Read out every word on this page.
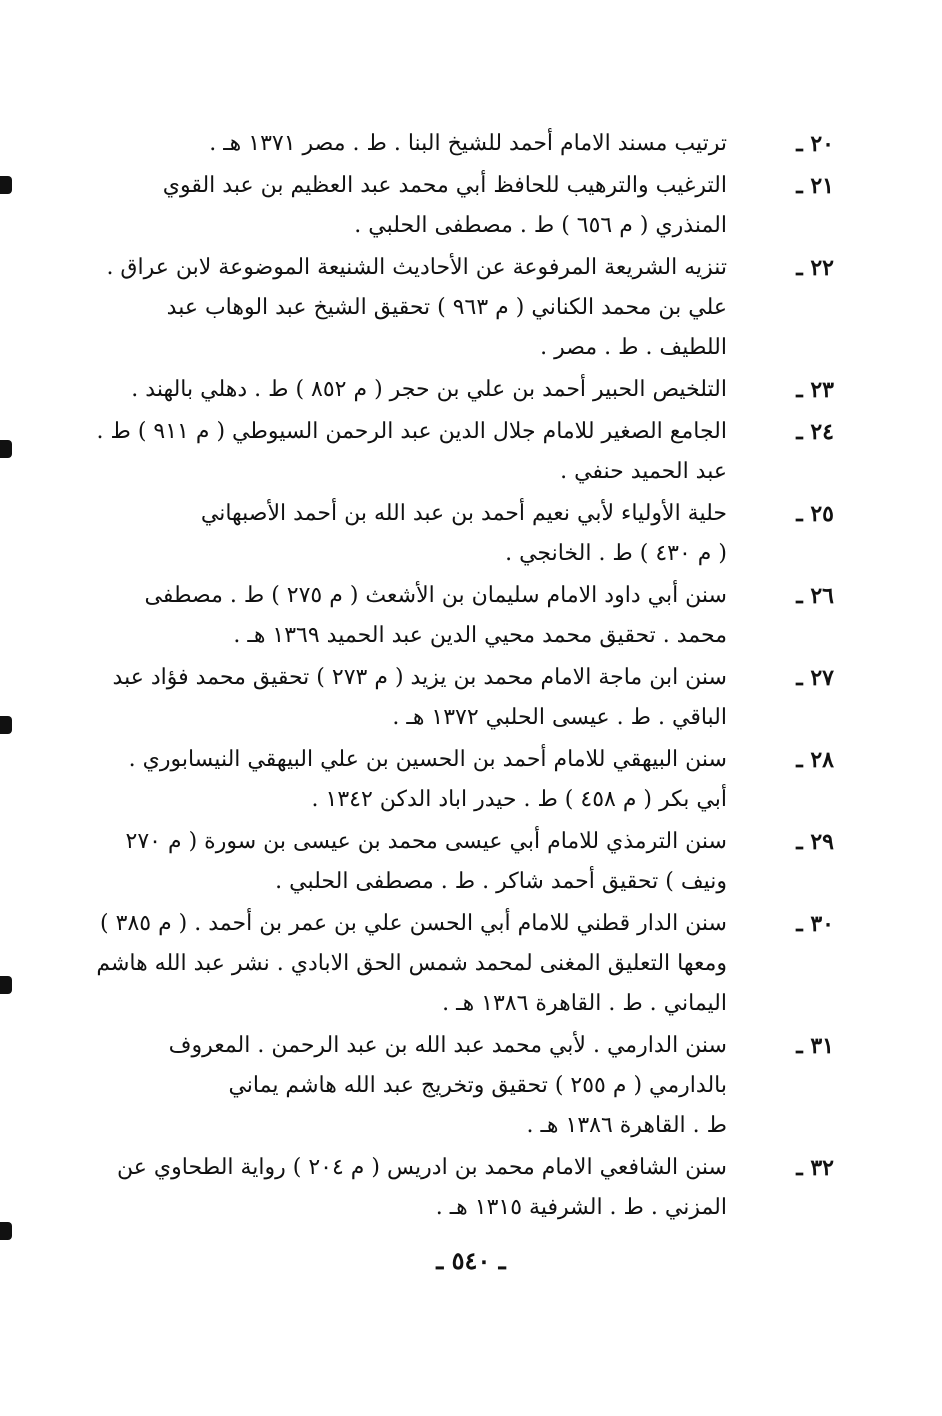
٢٠ ـ
ترتيب مسند الامام أحمد للشيخ البنا . ط . مصر ١٣٧١ هـ .
٢١ ـ
الترغيب والترهيب للحافظ أبي محمد عبد العظيم بن عبد القوي
المنذري ( م ٦٥٦ ) ط . مصطفى الحلبي .
٢٢ ـ
تنزيه الشريعة المرفوعة عن الأحاديث الشنيعة الموضوعة لابن عراق .
علي بن محمد الكناني ( م ٩٦٣ ) تحقيق الشيخ عبد الوهاب عبد
اللطيف . ط . مصر .
٢٣ ـ
التلخيص الحبير أحمد بن علي بن حجر ( م ٨٥٢ ) ط . دهلي بالهند .
٢٤ ـ
الجامع الصغير للامام جلال الدين عبد الرحمن السيوطي ( م ٩١١ ) ط .
عبد الحميد حنفي .
٢٥ ـ
حلية الأولياء لأبي نعيم أحمد بن عبد الله بن أحمد الأصبهاني
( م ٤٣٠ ) ط . الخانجي .
٢٦ ـ
سنن أبي داود الامام سليمان بن الأشعث ( م ٢٧٥ ) ط . مصطفى
محمد . تحقيق محمد محيي الدين عبد الحميد ١٣٦٩ هـ .
٢٧ ـ
سنن ابن ماجة الامام محمد بن يزيد ( م ٢٧٣ ) تحقيق محمد فؤاد عبد
الباقي . ط . عيسى الحلبي ١٣٧٢ هـ .
٢٨ ـ
سنن البيهقي للامام أحمد بن الحسين بن علي البيهقي النيسابوري .
أبي بكر ( م ٤٥٨ ) ط . حيدر اباد الدكن ١٣٤٢ .
٢٩ ـ
سنن الترمذي للامام أبي عيسى محمد بن عيسى بن سورة ( م ٢٧٠
ونيف ) تحقيق أحمد شاكر . ط . مصطفى الحلبي .
٣٠ ـ
سنن الدار قطني للامام أبي الحسن علي بن عمر بن أحمد . ( م ٣٨٥ )
ومعها التعليق المغنى لمحمد شمس الحق الابادي . نشر عبد الله هاشم
اليماني . ط . القاهرة ١٣٨٦ هـ .
٣١ ـ
سنن الدارمي . لأبي محمد عبد الله بن عبد الرحمن . المعروف
بالدارمي ( م ٢٥٥ ) تحقيق وتخريج عبد الله هاشم يماني
ط . القاهرة ١٣٨٦ هـ .
٣٢ ـ
سنن الشافعي الامام محمد بن ادريس ( م ٢٠٤ ) رواية الطحاوي عن
المزني . ط . الشرفية ١٣١٥ هـ .
ـ ٥٤٠ ـ
